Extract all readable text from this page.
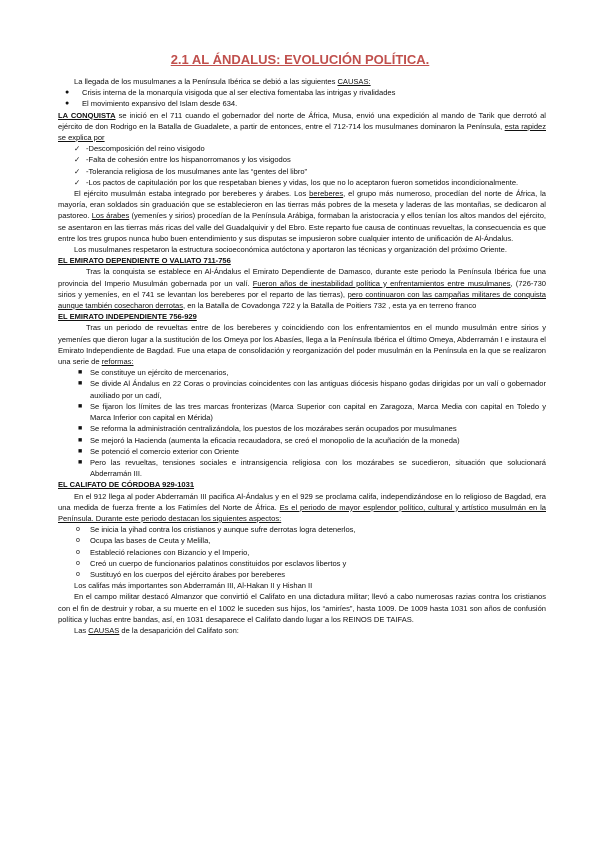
2.1 AL ÁNDALUS: EVOLUCIÓN POLÍTICA.

La llegada de los musulmanes a la Península Ibérica se debió a las siguientes CAUSAS:

● Crisis interna de la monarquía visigoda que al ser electiva fomentaba las intrigas y rivalidades
● El movimiento expansivo del Islam desde 634.

LA CONQUISTA se inició en el 711 cuando el gobernador del norte de África, Musa, envió una expedición al mando de Tarik que derrotó al ejército de don Rodrigo en la Batalla de Guadalete, a partir de entonces, entre el 712-714 los musulmanes dominaron la Península, esta rapidez se explica por

✓ -Descomposición del reino visigodo
✓ -Falta de cohesión entre los hispanorromanos y los visigodos
✓ -Tolerancia religiosa de los musulmanes ante las “gentes del libro”
✓ -Los pactos de capitulación por los que respetaban bienes y vidas, los que no lo aceptaron fueron sometidos incondicionalmente.

El ejército musulmán estaba integrado por bereberes y árabes. Los bereberes, el grupo más numeroso, procedían del norte de África, la mayoría, eran soldados sin graduación que se establecieron en las tierras más pobres de la meseta y laderas de las montañas, se dedicaron al pastoreo. Los árabes (yemeníes y sirios) procedían de la Península Arábiga, formaban la aristocracia y ellos tenían los altos mandos del ejército, se asentaron en las tierras más ricas del valle del Guadalquivir y del Ebro. Este reparto fue causa de continuas revueltas, la consecuencia es que entre los tres grupos nunca hubo buen entendimiento y sus disputas se impusieron sobre cualquier intento de unificación de Al-Ándalus.

Los musulmanes respetaron la estructura socioeconómica autóctona y aportaron las técnicas y organización del próximo Oriente.

EL EMIRATO DEPENDIENTE O VALIATO 711-756

Tras la conquista se establece en Al-Ándalus el Emirato Dependiente de Damasco, durante este periodo la Península Ibérica fue una provincia del Imperio Musulmán gobernada por un valí. Fueron años de inestabilidad política y enfrentamientos entre musulmanes, (726-730 sirios y yemeníes, en el 741 se levantan los bereberes por el reparto de las tierras), pero continuaron con las campañas militares de conquista aunque también cosecharon derrotas, en la Batalla de Covadonga 722 y la Batalla de Poitiers 732 , esta ya en terreno franco

EL EMIRATO INDEPENDIENTE 756-929

Tras un periodo de revueltas entre de los bereberes y coincidiendo con los enfrentamientos en el mundo musulmán entre sirios y yemeníes que dieron lugar a la sustitución de los Omeya por los Abasíes, llega a la Península Ibérica el último Omeya, Abderramán I e instaura el Emirato Independiente de Bagdad. Fue una etapa de consolidación y reorganización del poder musulmán en la Península en la que se realizaron una serie de reformas:

■ Se constituye un ejército de mercenarios,
■ Se divide Al Ándalus en 22 Coras o provincias coincidentes con las antiguas diócesis hispano godas dirigidas por un valí o gobernador auxiliado por un cadí,
■ Se fijaron los límites de las tres marcas fronterizas (Marca Superior con capital en Zaragoza, Marca Media con capital en Toledo y Marca Inferior con capital en Mérida)
■ Se reforma la administración centralizándola, los puestos de los mozárabes serán ocupados por musulmanes
■ Se mejoró la Hacienda (aumenta la eficacia recaudadora, se creó el monopolio de la acuñación de la moneda)
■ Se potenció el comercio exterior con Oriente
■ Pero las revueltas, tensiones sociales e intransigencia religiosa con los mozárabes se sucedieron, situación que solucionará Abderramán III.

EL CALIFATO DE CÓRDOBA 929-1031

En el 912 llega al poder Abderramán III pacifica Al-Ándalus y en el 929 se proclama califa, independizándose en lo religioso de Bagdad, era una medida de fuerza frente a los Fatimíes del Norte de África. Es el periodo de mayor esplendor político, cultural y artístico musulmán en la Península. Durante este periodo destacan los siguientes aspectos:

o Se inicia la yihad contra los cristianos y aunque sufre derrotas logra detenerlos,
o Ocupa las bases de Ceuta y Melilla,
o Estableció relaciones con Bizancio y el Imperio,
o Creó un cuerpo de funcionarios palatinos constituidos por esclavos libertos y
o Sustituyó en los cuerpos del ejército árabes por bereberes

Los califas más importantes son Abderramán III, Al-Hakan II y Hishan II

En el campo militar destacó Almanzor que convirtió el Califato en una dictadura militar; llevó a cabo numerosas razias contra los cristianos con el fin de destruir y robar, a su muerte en el 1002 le suceden sus hijos, los “amiríes”, hasta 1009. De 1009 hasta 1031 son años de confusión política y luchas entre bandas, así, en 1031 desaparece el Califato dando lugar a los REINOS DE TAIFAS.

Las CAUSAS de la desaparición del Califato son:
